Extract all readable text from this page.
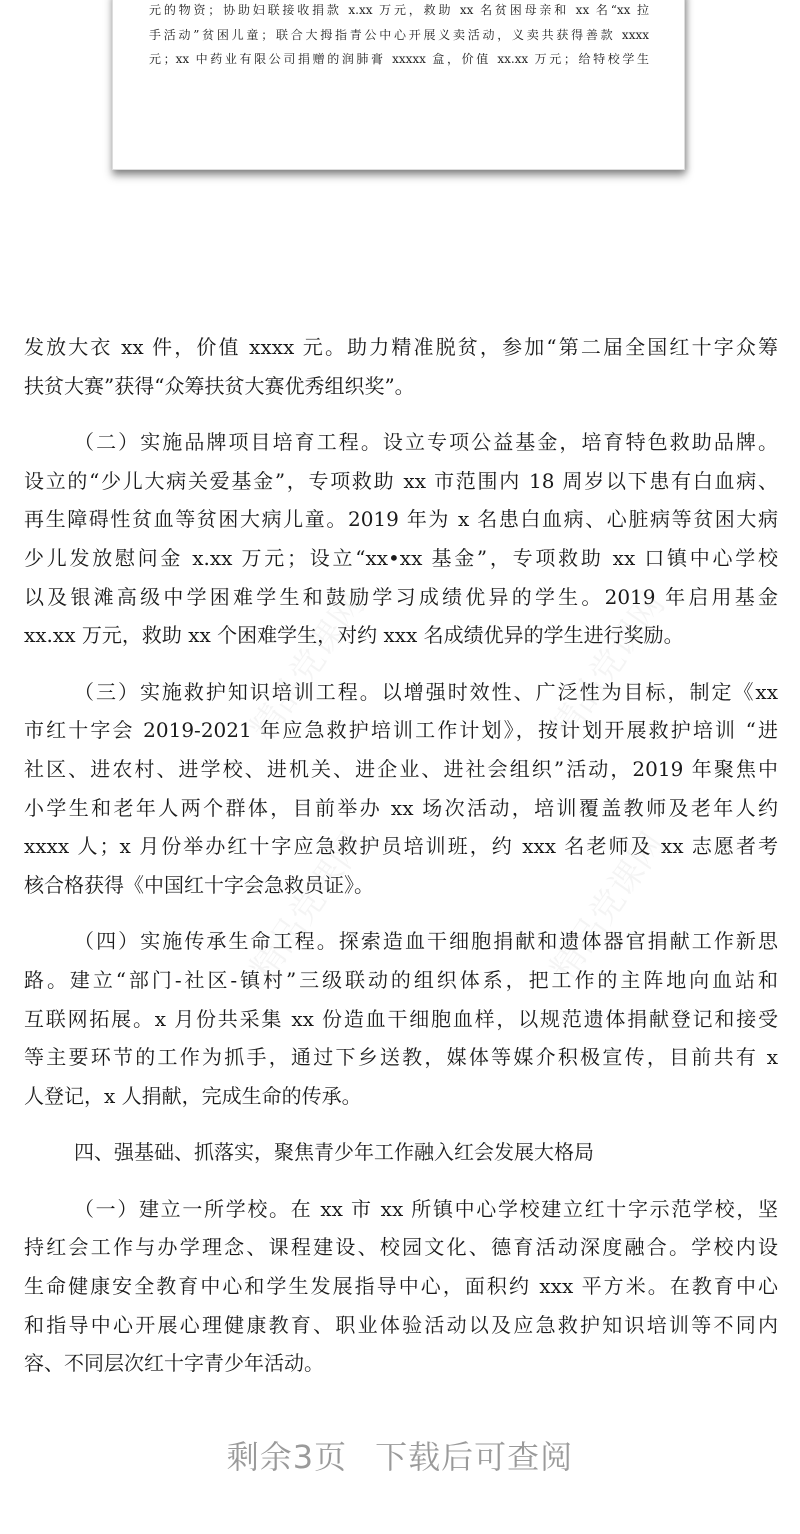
元的物资；协助妇联接收捐款 x.xx 万元，救助 xx 名贫困母亲和 xx 名“xx 拉
手活动”贫困儿童；联合大拇指青公中心开展义卖活动，义卖共获得善款 xxxx
元；xx 中药业有限公司捐赠的润肺膏 xxxxx 盒，价值 xx.xx 万元；给特校学生
发放大衣 xx 件，价值 xxxx 元。助力精准脱贫，参加“第二届全国红十字众筹
扶贫大赛”获得“众筹扶贫大赛优秀组织奖”。
（二）实施品牌项目培育工程。设立专项公益基金，培育特色救助品牌。
设立的“少儿大病关爱基金”，专项救助 xx 市范围内 18 周岁以下患有白血病、
再生障碍性贫血等贫困大病儿童。2019 年为 x 名患白血病、心脏病等贫困大病
少儿发放慰问金 x.xx 万元；设立“xx•xx 基金”，专项救助 xx 口镇中心学校
以及银滩高级中学困难学生和鼓励学习成绩优异的学生。2019 年启用基金
xx.xx 万元，救助 xx 个困难学生，对约 xxx 名成绩优异的学生进行奖励。
（三）实施救护知识培训工程。以增强时效性、广泛性为目标，制定《xx
市红十字会 2019-2021 年应急救护培训工作计划》，按计划开展救护培训 “进
社区、进农村、进学校、进机关、进企业、进社会组织”活动，2019 年聚焦中
小学生和老年人两个群体，目前举办 xx 场次活动，培训覆盖教师及老年人约
xxxx 人；x 月份举办红十字应急救护员培训班，约 xxx 名老师及 xx 志愿者考
核合格获得《中国红十字会急救员证》。
（四）实施传承生命工程。探索造血干细胞捐献和遗体器官捐献工作新思
路。建立“部门-社区-镇村”三级联动的组织体系，把工作的主阵地向血站和
互联网拓展。x 月份共采集 xx 份造血干细胞血样，以规范遗体捐献登记和接受
等主要环节的工作为抓手，通过下乡送教，媒体等媒介积极宣传，目前共有 x
人登记，x 人捐献，完成生命的传承。
四、强基础、抓落实，聚焦青少年工作融入红会发展大格局
（一）建立一所学校。在 xx 市 xx 所镇中心学校建立红十字示范学校，坚
持红会工作与办学理念、课程建设、校园文化、德育活动深度融合。学校内设
生命健康安全教育中心和学生发展指导中心，面积约 xxx 平方米。在教育中心
和指导中心开展心理健康教育、职业体验活动以及应急救护知识培训等不同内
容、不同层次红十字青少年活动。
剩余3页 下载后可查阅
